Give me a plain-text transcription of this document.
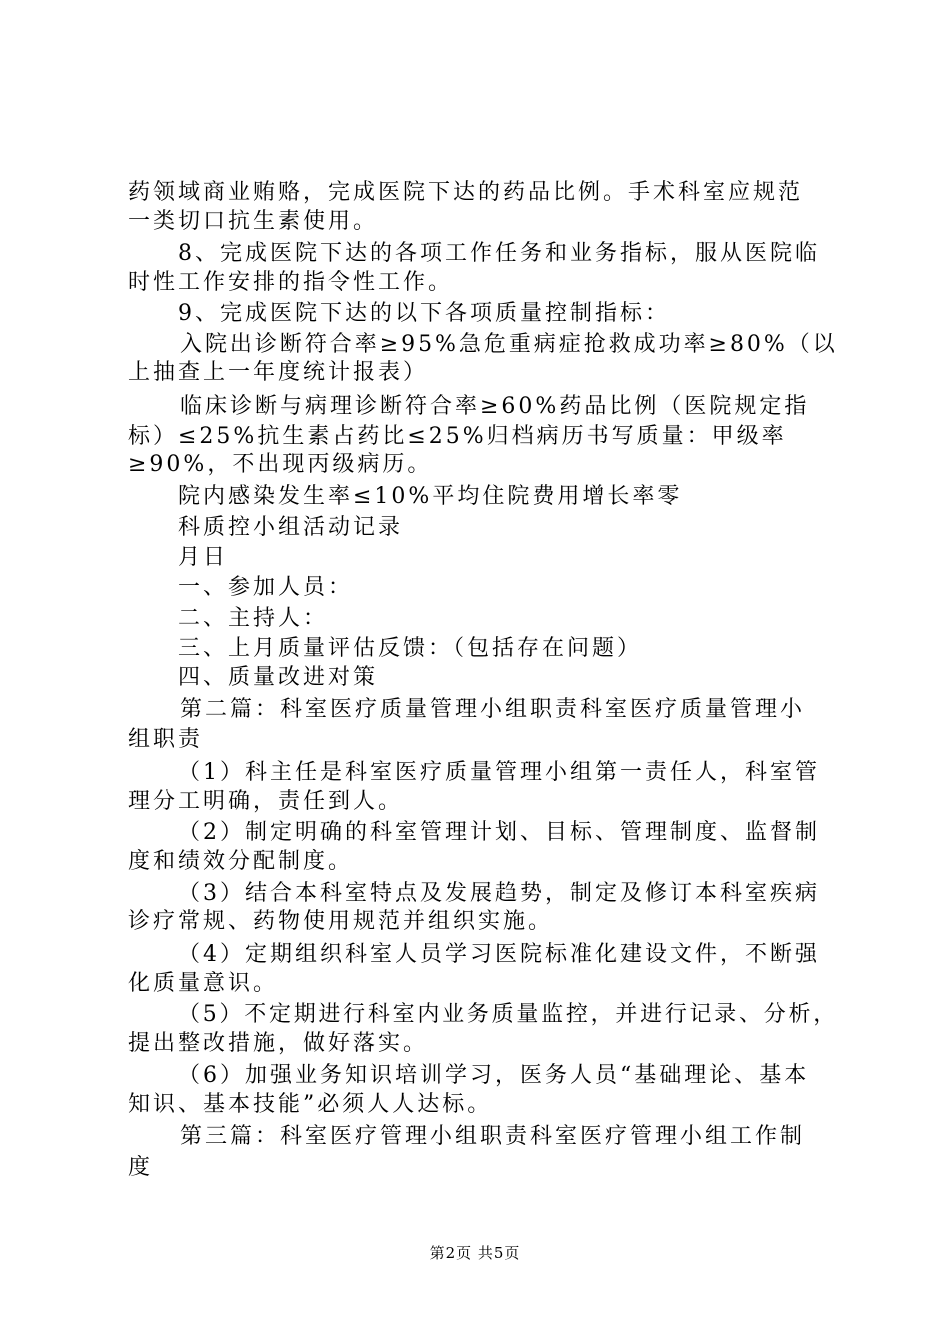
药领域商业贿赂，完成医院下达的药品比例。手术科室应规范
一类切口抗生素使用。
8、完成医院下达的各项工作任务和业务指标，服从医院临
时性工作安排的指令性工作。
9、完成医院下达的以下各项质量控制指标：
入院出诊断符合率≥95%急危重病症抢救成功率≥80%（以
上抽查上一年度统计报表）
临床诊断与病理诊断符合率≥60%药品比例（医院规定指
标）≤25%抗生素占药比≤25%归档病历书写质量：甲级率
≥90%，不出现丙级病历。
院内感染发生率≤10%平均住院费用增长率零
科质控小组活动记录
月日
一、参加人员：
二、主持人：
三、上月质量评估反馈：（包括存在问题）
四、质量改进对策
第二篇：科室医疗质量管理小组职责科室医疗质量管理小
组职责
（1）科主任是科室医疗质量管理小组第一责任人，科室管
理分工明确，责任到人。
（2）制定明确的科室管理计划、目标、管理制度、监督制
度和绩效分配制度。
（3）结合本科室特点及发展趋势，制定及修订本科室疾病
诊疗常规、药物使用规范并组织实施。
（4）定期组织科室人员学习医院标准化建设文件，不断强
化质量意识。
（5）不定期进行科室内业务质量监控，并进行记录、分析，
提出整改措施，做好落实。
（6）加强业务知识培训学习，医务人员“基础理论、基本
知识、基本技能”必须人人达标。
第三篇：科室医疗管理小组职责科室医疗管理小组工作制
度
第2页 共5页
